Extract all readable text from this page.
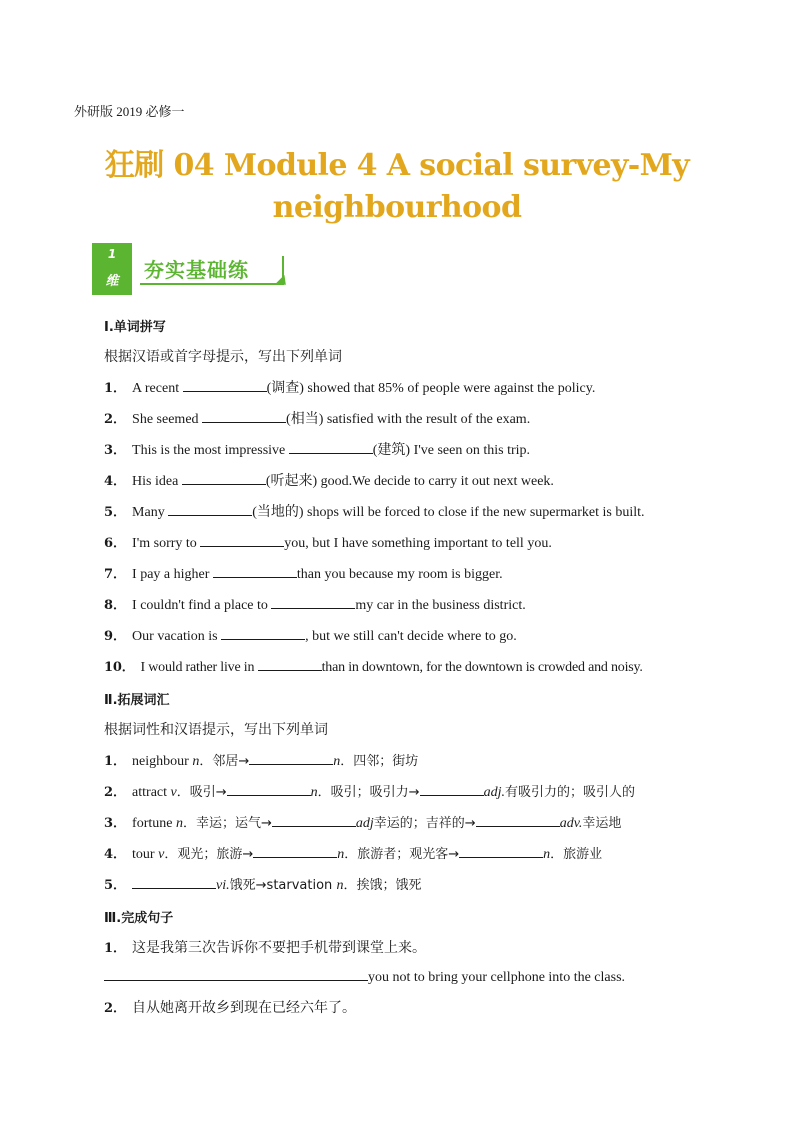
外研版 2019 必修一
狂刷 04 Module 4 A social survey-My
neighbourhood
1
维	夯实基础练
Ⅰ.单词拼写
根据汉语或首字母提示，写出下列单词
1． A recent	(调查) showed that 85% of people were against the policy.
2． She seemed	(相当) satisfied with the result of the exam.
3． This is the most impressive	(建筑) I've seen on this trip.
4． His idea	(听起来) good.We decide to carry it out next week.
5． Many	(当地的) shops will be forced to close if the new supermarket is built.
6． I'm sorry to	you, but I have something important to tell you.
7． I pay a higher	than you because my room is bigger.
8． I couldn't find a place to	my car in the business district.
9． Our vacation is	, but we still can't decide where to go.
10． I would rather live in	than in downtown, for the downtown is crowded and noisy.
Ⅱ.拓展词汇
根据词性和汉语提示，写出下列单词
1． neighbour n．邻居→	n．四邻；街坊
2． attract v．吸引→	n．吸引；吸引力→	adj.有吸引力的；吸引人的
3． fortune n．幸运；运气→	adj幸运的；吉祥的→	adv.幸运地
4． tour v．观光；旅游→	n．旅游者；观光客→	n．旅游业
5．	vi.饿死→starvation n．挨饿；饿死
Ⅲ.完成句子
1． 这是我第三次告诉你不要把手机带到课堂上来。
you not to bring your cellphone into the class.
2． 自从她离开故乡到现在已经六年了。
